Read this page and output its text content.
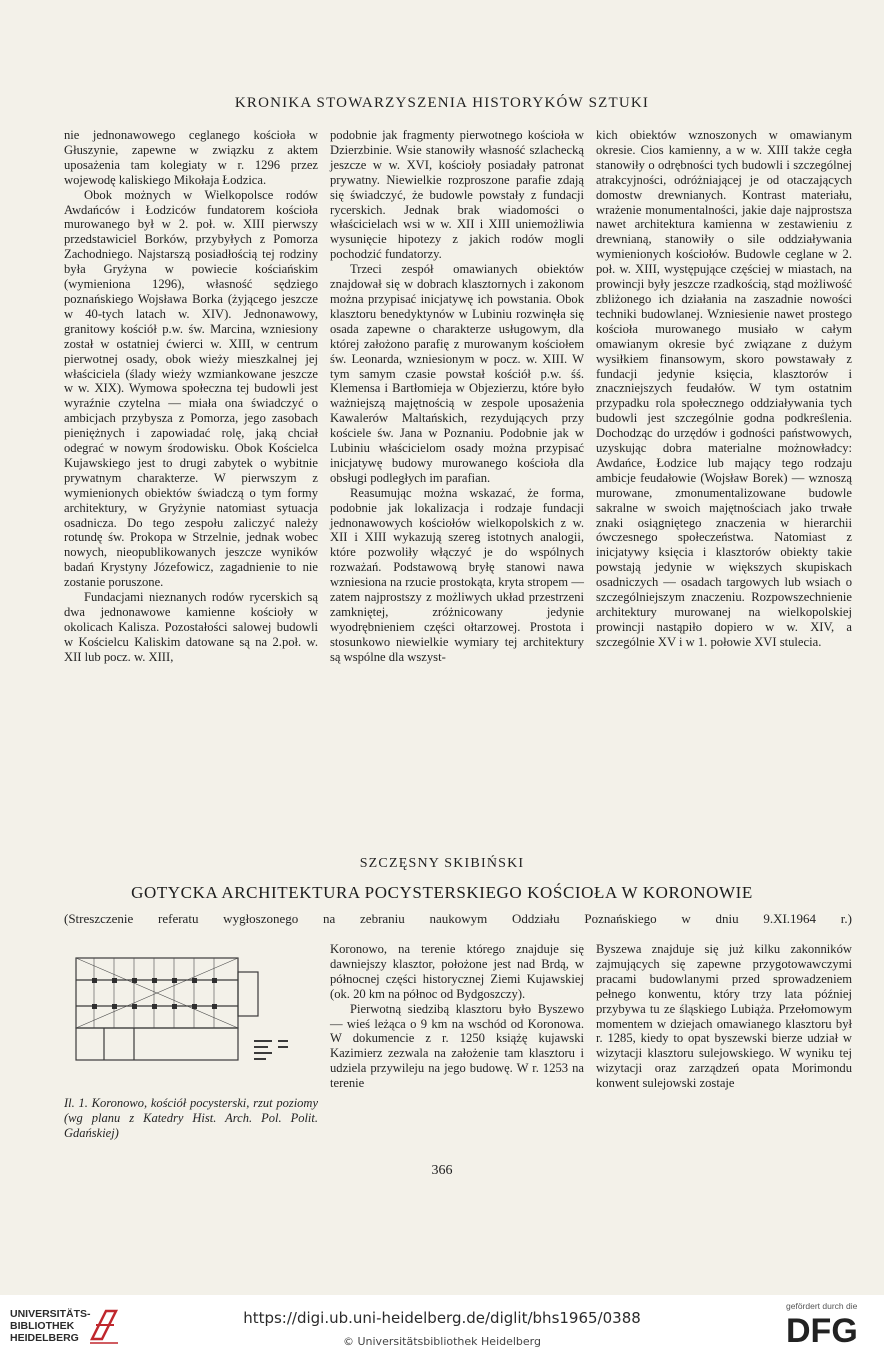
KRONIKA STOWARZYSZENIA HISTORYKÓW SZTUKI

nie jednonawowego ceglanego kościoła w Głuszynie, zapewne w związku z aktem uposażenia tam kolegiaty w r. 1296 przez wojewodę kaliskiego Mikołaja Łodzica.

Obok możnych w Wielkopolsce rodów Awdańców i Łodziców fundatorem kościoła murowanego był w 2. poł. w. XIII pierwszy przedstawiciel Borków, przybyłych z Pomorza Zachodniego. Najstarszą posiadłością tej rodziny była Gryżyna w powiecie kościańskim (wymieniona 1296), własność sędziego poznańskiego Wojsława Borka (żyjącego jeszcze w 40-tych latach w. XIV). Jednonawowy, granitowy kościół p.w. św. Marcina, wzniesiony został w ostatniej ćwierci w. XIII, w centrum pierwotnej osady, obok wieży mieszkalnej jej właściciela (ślady wieży wzmiankowane jeszcze w w. XIX). Wymowa społeczna tej budowli jest wyraźnie czytelna — miała ona świadczyć o ambicjach przybysza z Pomorza, jego zasobach pieniężnych i zapowiadać rolę, jaką chciał odegrać w nowym środowisku. Obok Kościelca Kujawskiego jest to drugi zabytek o wybitnie prywatnym charakterze. W pierwszym z wymienionych obiektów świadczą o tym formy architektury, w Gryżynie natomiast sytuacja osadnicza. Do tego zespołu zaliczyć należy rotundę św. Prokopa w Strzelnie, jednak wobec nowych, nieopublikowanych jeszcze wyników badań Krystyny Józefowicz, zagadnienie to nie zostanie poruszone.

Fundacjami nieznanych rodów rycerskich są dwa jednonawowe kamienne kościoły w okolicach Kalisza. Pozostałości salowej budowli w Kościelcu Kaliskim datowane są na 2.poł. w. XII lub pocz. w. XIII,

podobnie jak fragmenty pierwotnego kościoła w Dzierzbinie. Wsie stanowiły własność szlachecką jeszcze w w. XVI, kościoły posiadały patronat prywatny. Niewielkie rozproszone parafie zdają się świadczyć, że budowle powstały z fundacji rycerskich. Jednak brak wiadomości o właścicielach wsi w w. XII i XIII uniemożliwia wysunięcie hipotezy z jakich rodów mogli pochodzić fundatorzy.

Trzeci zespół omawianych obiektów znajdował się w dobrach klasztornych i zakonom można przypisać inicjatywę ich powstania. Obok klasztoru benedyktynów w Lubiniu rozwinęła się osada zapewne o charakterze usługowym, dla której założono parafię z murowanym kościołem św. Leonarda, wzniesionym w pocz. w. XIII. W tym samym czasie powstał kościół p.w. śś. Klemensa i Bartłomieja w Objezierzu, które było ważniejszą majętnością w zespole uposażenia Kawalerów Maltańskich, rezydujących przy kościele św. Jana w Poznaniu. Podobnie jak w Lubiniu właścicielom osady można przypisać inicjatywę budowy murowanego kościoła dla obsługi podległych im parafian.

Reasumując można wskazać, że forma, podobnie jak lokalizacja i rodzaje fundacji jednonawowych kościołów wielkopolskich z w. XII i XIII wykazują szereg istotnych analogii, które pozwoliły włączyć je do wspólnych rozważań. Podstawową bryłę stanowi nawa wzniesiona na rzucie prostokąta, kryta stropem — zatem najprostszy z możliwych układ przestrzeni zamkniętej, zróżnicowany jedynie wyodrębnieniem części ołtarzowej. Prostota i stosunkowo niewielkie wymiary tej architektury są wspólne dla wszyst-

kich obiektów wznoszonych w omawianym okresie. Cios kamienny, a w w. XIII także cegła stanowiły o odrębności tych budowli i szczególnej atrakcyjności, odróżniającej je od otaczających domostw drewnianych. Kontrast materiału, wrażenie monumentalności, jakie daje najprostsza nawet architektura kamienna w zestawieniu z drewnianą, stanowiły o sile oddziaływania wymienionych kościołów. Budowle ceglane w 2. poł. w. XIII, występujące częściej w miastach, na prowincji były jeszcze rzadkością, stąd możliwość zbliżonego ich działania na zaszadnie nowości techniki budowlanej. Wzniesienie nawet prostego kościoła murowanego musiało w całym omawianym okresie być związane z dużym wysiłkiem finansowym, skoro powstawały z fundacji jedynie księcia, klasztorów i znaczniejszych feudałów. W tym ostatnim przypadku rola społecznego oddziaływania tych budowli jest szczególnie godna podkreślenia. Dochodząc do urzędów i godności państwowych, uzyskując dobra materialne możnowładcy: Awdańce, Łodzice lub mający tego rodzaju ambicje feudałowie (Wojsław Borek) — wznoszą murowane, zmonumentalizowane budowle sakralne w swoich majętnościach jako trwałe znaki osiągniętego znaczenia w hierarchii ówczesnego społeczeństwa. Natomiast z inicjatywy księcia i klasztorów obiekty takie powstają jedynie w większych skupiskach osadniczych — osadach targowych lub wsiach o szczególniejszym znaczeniu. Rozpowszechnienie architektury murowanej na wielkopolskiej prowincji nastąpiło dopiero w w. XIV, a szczególnie XV i w 1. połowie XVI stulecia.

SZCZĘSNY SKIBIŃSKI
GOTYCKA ARCHITEKTURA POCYSTERSKIEGO KOŚCIOŁA W KORONOWIE
(Streszczenie referatu wygłoszonego na zebraniu naukowym Oddziału Poznańskiego w dniu 9.XI.1964 r.)
Il. 1. Koronowo, kościół pocysterski, rzut poziomy (wg planu z Katedry Hist. Arch. Pol. Polit. Gdańskiej)

Koronowo, na terenie którego znajduje się dawniejszy klasztor, położone jest nad Brdą, w północnej części historycznej Ziemi Kujawskiej (ok. 20 km na północ od Bydgoszczy).

Pierwotną siedzibą klasztoru było Byszewo — wieś leżąca o 9 km na wschód od Koronowa. W dokumencie z r. 1250 książę kujawski Kazimierz zezwala na założenie tam klasztoru i udziela przywileju na jego budowę. W r. 1253 na terenie

Byszewa znajduje się już kilku zakonników zajmujących się zapewne przygotowawczymi pracami budowlanymi przed sprowadzeniem pełnego konwentu, który trzy lata później przybywa tu ze śląskiego Lubiąża. Przełomowym momentem w dziejach omawianego klasztoru był r. 1285, kiedy to opat byszewski bierze udział w wizytacji klasztoru sulejowskiego. W wyniku tej wizytacji oraz zarządzeń opata Morimondu konwent sulejowski zostaje

366
UNIVERSITÄTS-
BIBLIOTHEK
HEIDELBERG
https://digi.ub.uni-heidelberg.de/diglit/bhs1965/0388
© Universitätsbibliothek Heidelberg
gefördert durch die
DFG
